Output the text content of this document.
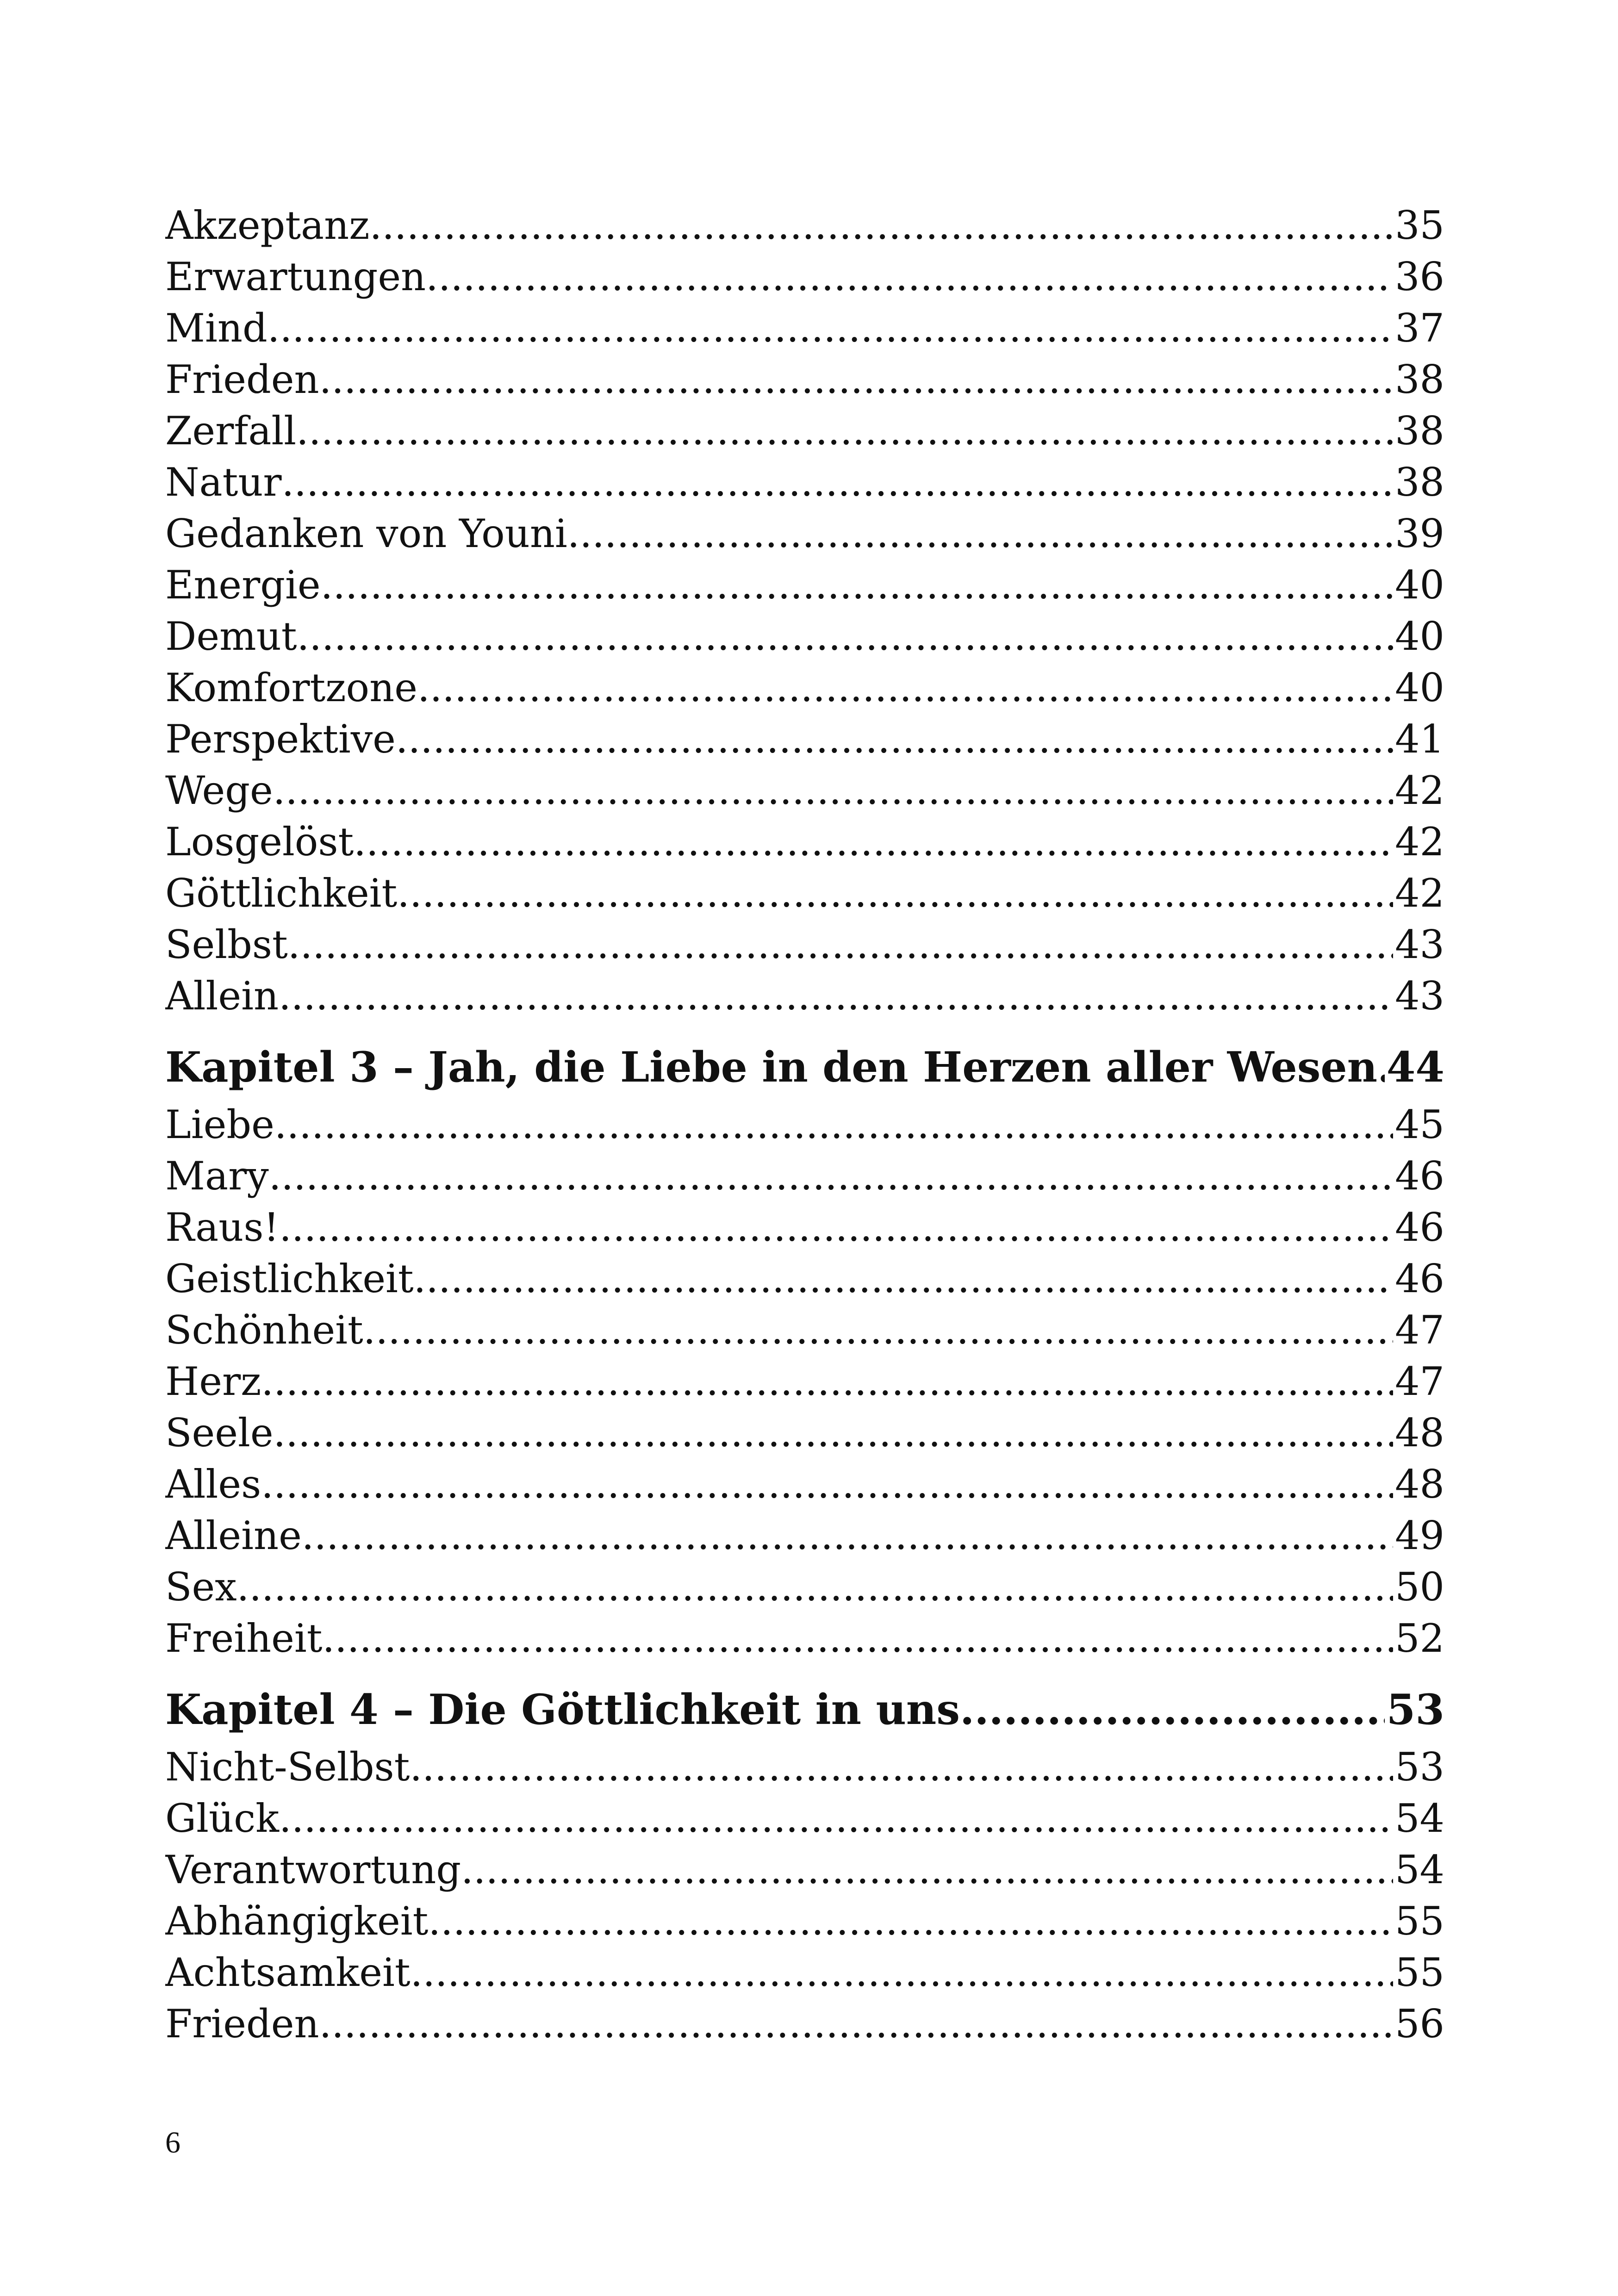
Akzeptanz .....	35
Erwartungen .....	36
Mind .....	37
Frieden .....	38
Zerfall .....	38
Natur .....	38
Gedanken von Youni .....	39
Energie .....	40
Demut .....	40
Komfortzone .....	40
Perspektive .....	41
Wege .....	42
Losgelöst .....	42
Göttlichkeit .....	42
Selbst .....	43
Allein .....	43
Kapitel 3 – Jah, die Liebe in den Herzen aller Wesen ..... 44
Liebe .....	45
Mary .....	46
Raus! .....	46
Geistlichkeit .....	46
Schönheit .....	47
Herz .....	47
Seele .....	48
Alles .....	48
Alleine .....	49
Sex .....	50
Freiheit .....	52
Kapitel 4 – Die Göttlichkeit in uns .....	53
Nicht-Selbst .....	53
Glück .....	54
Verantwortung .....	54
Abhängigkeit .....	55
Achtsamkeit .....	55
Frieden .....	56
6
